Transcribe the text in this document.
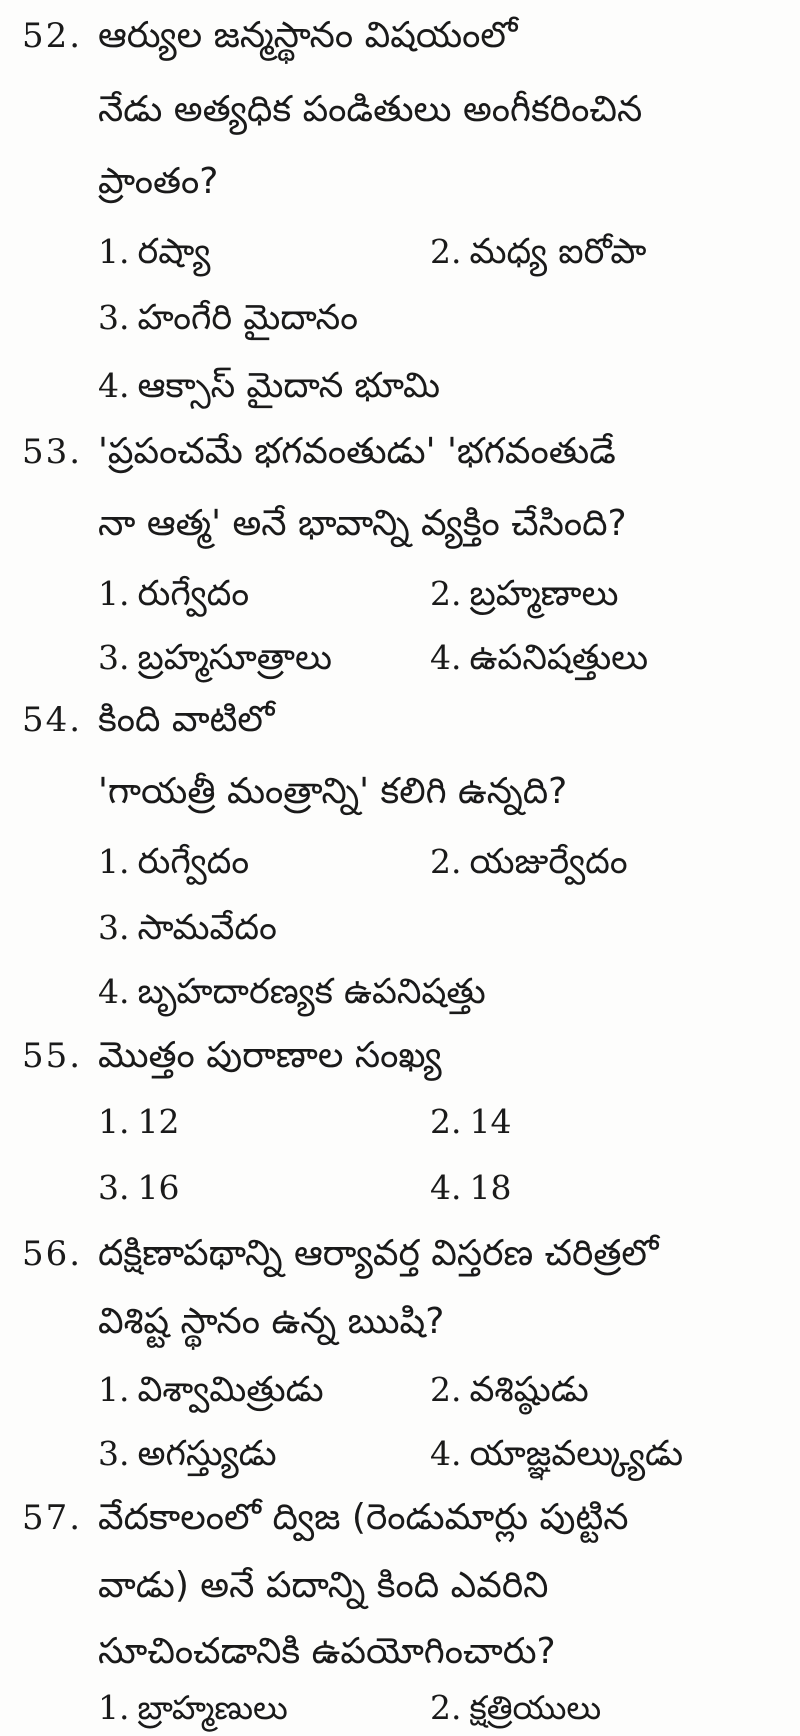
52. ఆర్యుల జన్మస్థానం విషయంలో
నేడు అత్యధిక పండితులు అంగీకరించిన
ప్రాంతం?
1. రష్యా	2. మధ్య ఐరోపా
3. హంగేరి మైదానం
4. ఆక్సాస్ మైదాన భూమి
53. 'ప్రపంచమే భగవంతుడు' 'భగవంతుడే
నా ఆత్మ' అనే భావాన్ని వ్యక్తిం చేసింది?
1. రుగ్వేదం	2. బ్రహ్మణాలు
3. బ్రహ్మసూత్రాలు	4. ఉపనిషత్తులు
54. కింది వాటిలో
'గాయత్రీ మంత్రాన్ని' కలిగి ఉన్నది?
1. రుగ్వేదం	2. యజుర్వేదం
3. సామవేదం
4. బృహదారణ్యక ఉపనిషత్తు
55. మొత్తం పురాణాల సంఖ్య
1. 12	2. 14
3. 16	4. 18
56. దక్షిణాపథాన్ని ఆర్యావర్త విస్తరణ చరిత్రలో
విశిష్ట స్థానం ఉన్న ఋషి?
1. విశ్వామిత్రుడు	2. వశిష్ఠుడు
3. అగస్త్యుడు	4. యాజ్ఞవల్క్యుడు
57. వేదకాలంలో ద్విజ (రెండుమార్లు పుట్టిన
వాడు) అనే పదాన్ని కింది ఎవరిని
సూచించడానికి ఉపయోగించారు?
1. బ్రాహ్మణులు	2. క్షత్రియులు
